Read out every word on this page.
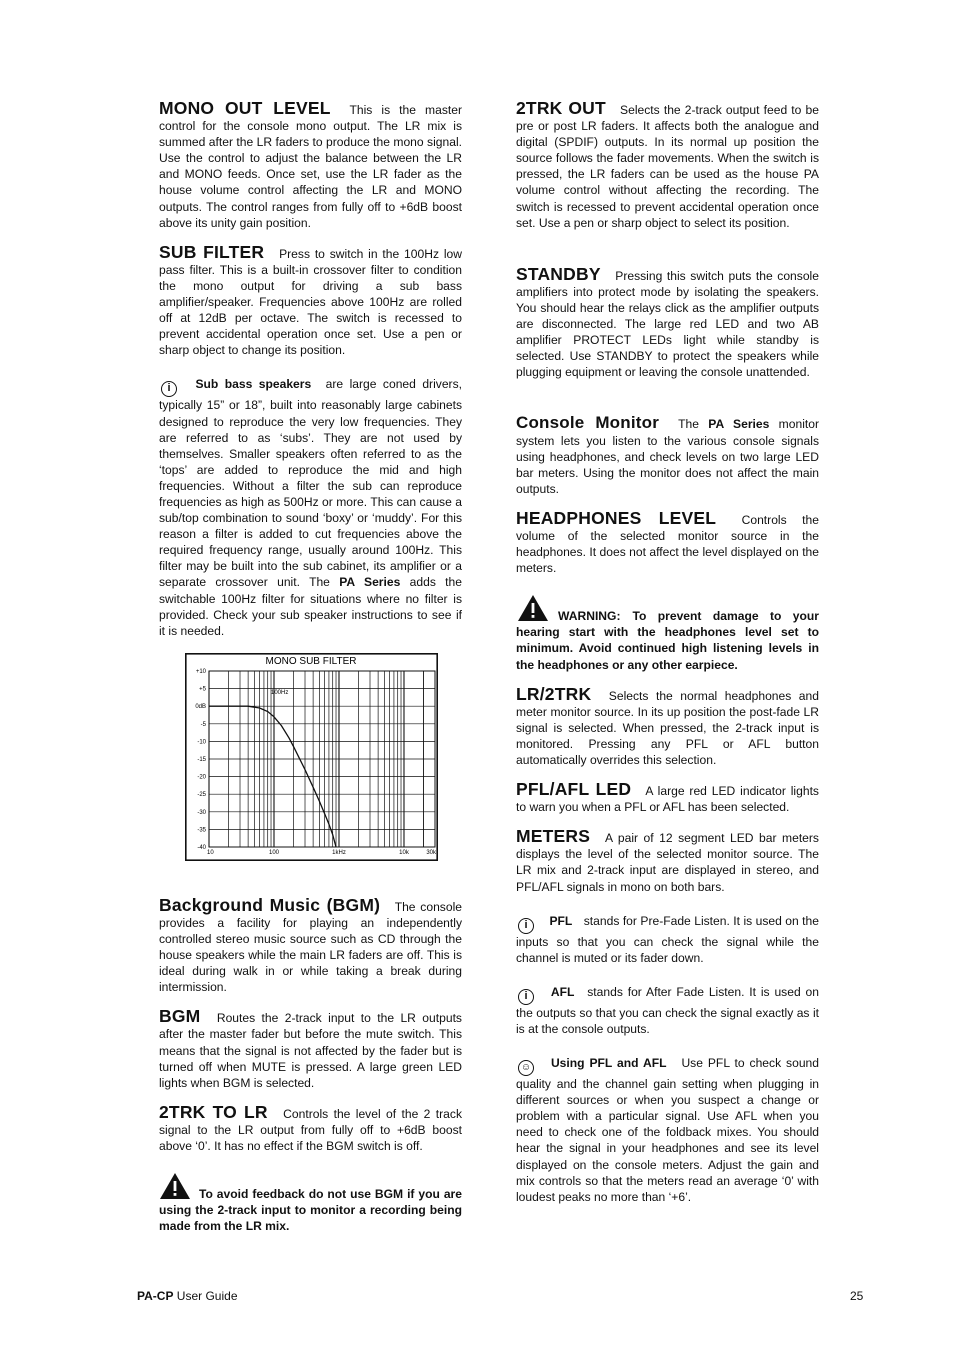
MONO OUT LEVEL This is the master control for the console mono output. The LR mix is summed after the LR faders to produce the mono signal. Use the control to adjust the balance between the LR and MONO feeds. Once set, use the LR fader as the house volume control affecting the LR and MONO outputs. The control ranges from fully off to +6dB boost above its unity gain position.

SUB FILTER Press to switch in the 100Hz low pass filter. This is a built-in crossover filter to condition the mono output for driving a sub bass amplifier/speaker. Frequencies above 100Hz are rolled off at 12dB per octave. The switch is recessed to prevent accidental operation once set. Use a pen or sharp object to change its position.

i Sub bass speakers are large coned drivers, typically 15” or 18”, built into reasonably large cabinets designed to reproduce the very low frequencies. They are referred to as ‘subs’. They are not used by themselves. Smaller speakers often referred to as the ‘tops’ are added to reproduce the mid and high frequencies. Without a filter the sub can reproduce frequencies as high as 500Hz or more. This can cause a sub/top combination to sound ‘boxy’ or ‘muddy’. For this reason a filter is added to cut frequencies above the required frequency range, usually around 100Hz. This filter may be built into the sub cabinet, its amplifier or a separate crossover unit. The PA Series adds the switchable 100Hz filter for situations where no filter is provided. Check your sub speaker instructions to see if it is needed.

MONO SUB FILTER
+10
+5
0dB
-5
-10
-15
-20
-25
-30
-35
-40
10	100	1kHz	10k	30k
100Hz

Background Music (BGM) The console provides a facility for playing an independently controlled stereo music source such as CD through the house speakers while the main LR faders are off. This is ideal during walk in or while taking a break during intermission.

BGM Routes the 2-track input to the LR outputs after the master fader but before the mute switch. This means that the signal is not affected by the fader but is turned off when MUTE is pressed. A large green LED lights when BGM is selected.

2TRK TO LR Controls the level of the 2 track signal to the LR output from fully off to +6dB boost above ‘0’. It has no effect if the BGM switch is off.

To avoid feedback do not use BGM if you are using the 2-track input to monitor a recording being made from the LR mix.

2TRK OUT Selects the 2-track output feed to be pre or post LR faders. It affects both the analogue and digital (SPDIF) outputs. In its normal up position the source follows the fader movements. When the switch is pressed, the LR faders can be used as the house PA volume control without affecting the recording. The switch is recessed to prevent accidental operation once set. Use a pen or sharp object to select its position.

STANDBY Pressing this switch puts the console amplifiers into protect mode by isolating the speakers. You should hear the relays click as the amplifier outputs are disconnected. The large red LED and two AB amplifier PROTECT LEDs light while standby is selected. Use STANDBY to protect the speakers while plugging equipment or leaving the console unattended.

Console Monitor The PA Series monitor system lets you listen to the various console signals using headphones, and check levels on two large LED bar meters. Using the monitor does not affect the main outputs.

HEADPHONES LEVEL Controls the volume of the selected monitor source in the headphones. It does not affect the level displayed on the meters.

WARNING: To prevent damage to your hearing start with the headphones level set to minimum. Avoid continued high listening levels in the headphones or any other earpiece.

LR/2TRK Selects the normal headphones and meter monitor source. In its up position the post-fade LR signal is selected. When pressed, the 2-track input is monitored. Pressing any PFL or AFL button automatically overrides this selection.

PFL/AFL LED A large red LED indicator lights to warn you when a PFL or AFL has been selected.

METERS A pair of 12 segment LED bar meters displays the level of the selected monitor source. The LR mix and 2-track input are displayed in stereo, and PFL/AFL signals in mono on both bars.

i PFL stands for Pre-Fade Listen. It is used on the inputs so that you can check the signal while the channel is muted or its fader down.

i AFL stands for After Fade Listen. It is used on the outputs so that you can check the signal exactly as it is at the console outputs.

☺ Using PFL and AFL Use PFL to check sound quality and the channel gain setting when plugging in different sources or when you suspect a change or problem with a particular signal. Use AFL when you need to check one of the foldback mixes. You should hear the signal in your headphones and see its level displayed on the console meters. Adjust the gain and mix controls so that the meters read an average ‘0’ with loudest peaks no more than ‘+6’.

PA-CP User Guide	25
